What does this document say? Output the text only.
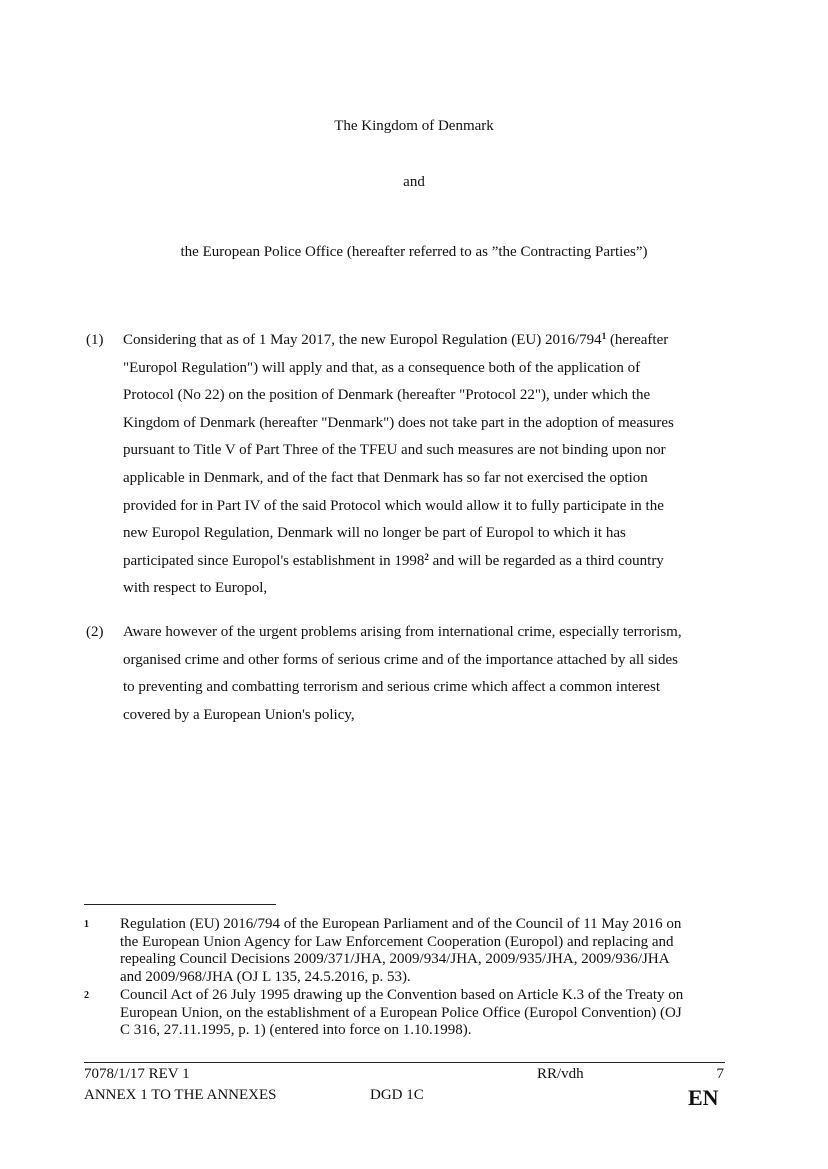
The Kingdom of Denmark
and
the European Police Office (hereafter referred to as ”the Contracting Parties”)
(1) Considering that as of 1 May 2017, the new Europol Regulation (EU) $2016/794^1$ (hereafter
"Europol Regulation") will apply and that, as a consequence both of the application of
Protocol (No 22) on the position of Denmark (hereafter "Protocol 22"), under which the
Kingdom of Denmark (hereafter "Denmark") does not take part in the adoption of measures
pursuant to Title V of Part Three of the TFEU and such measures are not binding upon nor
applicable in Denmark, and of the fact that Denmark has so far not exercised the option
provided for in Part IV of the said Protocol which would allow it to fully participate in the
new Europol Regulation, Denmark will no longer be part of Europol to which it has
participated since Europol's establishment in 1998$^2$ and will be regarded as a third country
with respect to Europol,
(2) Aware however of the urgent problems arising from international crime, especially terrorism,
organised crime and other forms of serious crime and of the importance attached by all sides
to preventing and combatting terrorism and serious crime which affect a common interest
covered by a European Union's policy,
1 Regulation (EU) 2016/794 of the European Parliament and of the Council of 11 May 2016 on
the European Union Agency for Law Enforcement Cooperation (Europol) and replacing and
repealing Council Decisions 2009/371/JHA, 2009/934/JHA, 2009/935/JHA, 2009/936/JHA
and 2009/968/JHA (OJ L 135, 24.5.2016, p. 53).
2 Council Act of 26 July 1995 drawing up the Convention based on Article K.3 of the Treaty on
European Union, on the establishment of a European Police Office (Europol Convention) (OJ
C 316, 27.11.1995, p. 1) (entered into force on 1.10.1998).
7078/1/17 REV 1
ANNEX 1 TO THE ANNEXES
RR/vdh
DGD 1C
7
EN
